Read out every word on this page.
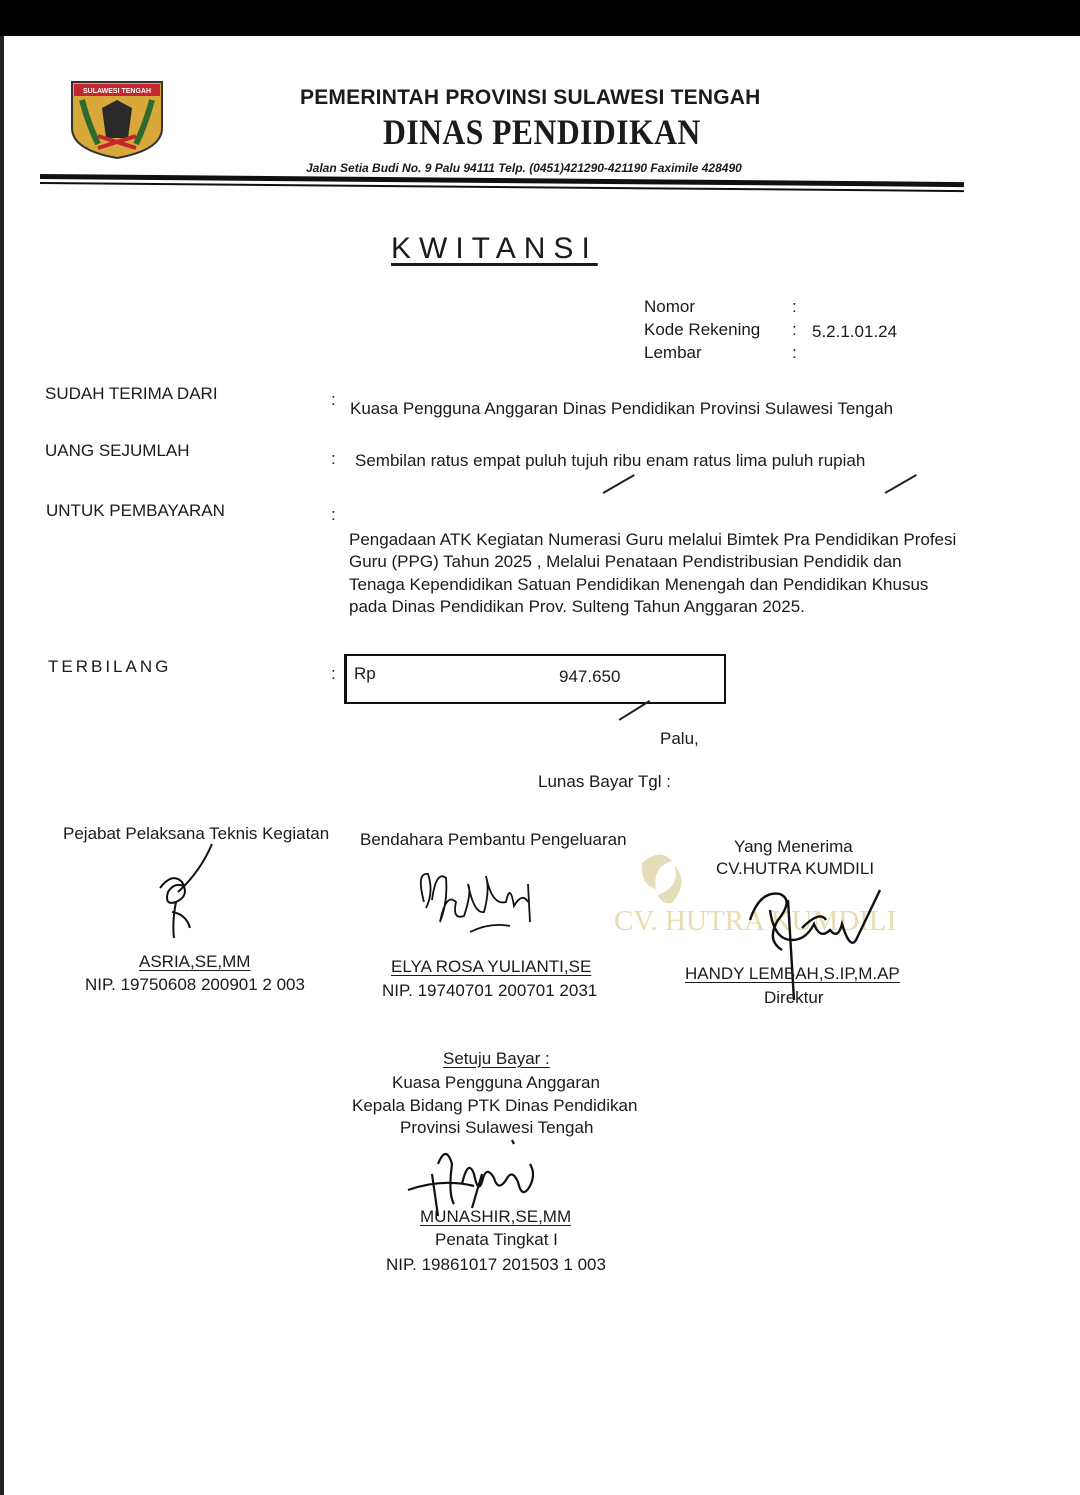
SULAWESI TENGAH	PEMERINTAH PROVINSI SULAWESI TENGAH
DINAS PENDIDIKAN
Jalan Setia Budi No. 9 Palu 94111 Telp. (0451)421290-421190 Faximile 428490
KWITANSI
Nomor	:
Kode Rekening : 5.2.1.01.24
Lembar	:
SUDAH TERIMA DARI	: Kuasa Pengguna Anggaran Dinas Pendidikan Provinsi Sulawesi Tengah
UANG SEJUMLAH	: Sembilan ratus empat puluh tujuh ribu enam ratus lima puluh rupiah
UNTUK PEMBAYARAN	:
Pengadaan ATK Kegiatan Numerasi Guru melalui Bimtek Pra Pendidikan Profesi
Guru (PPG) Tahun 2025 , Melalui Penataan Pendistribusian Pendidik dan
Tenaga Kependidikan Satuan Pendidikan Menengah dan Pendidikan Khusus
pada Dinas Pendidikan Prov. Sulteng Tahun Anggaran 2025.
TERBILANG	: Rp	947.650
Palu,
Lunas Bayar Tgl :
Pejabat Pelaksana Teknis Kegiatan Bendahara Pembantu Pengeluaran	Yang Menerima
CV.HUTRA KUMDILI
CV. HUTRA KUMDILI
ASRIA,SE,MM
NIP. 19750608 200901 2 003
ELYA ROSA YULIANTI,SE
NIP. 19740701 200701 2031
HANDY LEMBAH,S.IP,M.AP
Direktur
Setuju Bayar :
Kuasa Pengguna Anggaran
Kepala Bidang PTK Dinas Pendidikan
Provinsi Sulawesi Tengah
MUNASHIR,SE,MM
Penata Tingkat I
NIP. 19861017 201503 1 003
